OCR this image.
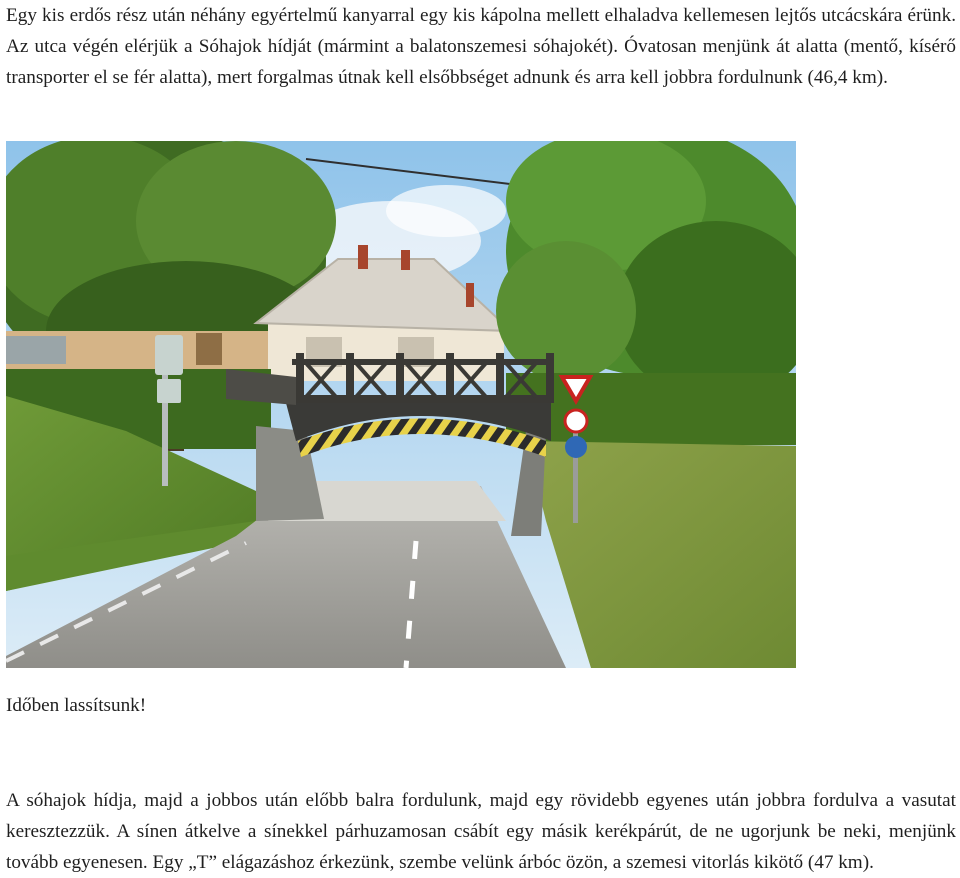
Egy kis erdős rész után néhány egyértelmű kanyarral egy kis kápolna mellett elhaladva kellemesen lejtős utcácskára érünk. Az utca végén elérjük a Sóhajok hídját (mármint a balatonszemesi sóhajokét). Óvatosan menjünk át alatta (mentő, kísérő transporter el se fér alatta), mert forgalmas útnak kell elsőbbséget adnunk és arra kell jobbra fordulnunk (46,4 km).

Időben lassítsunk!

A sóhajok hídja, majd a jobbos után előbb balra fordulunk, majd egy rövidebb egyenes után jobbra fordulva a vasutat keresztezzük. A sínen átkelve a sínekkel párhuzamosan csábít egy másik kerékpárút, de ne ugorjunk be neki, menjünk tovább egyenesen. Egy „T” elágazáshoz érkezünk, szembe velünk árbóc özön, a szemesi vitorlás kikötő (47 km).
